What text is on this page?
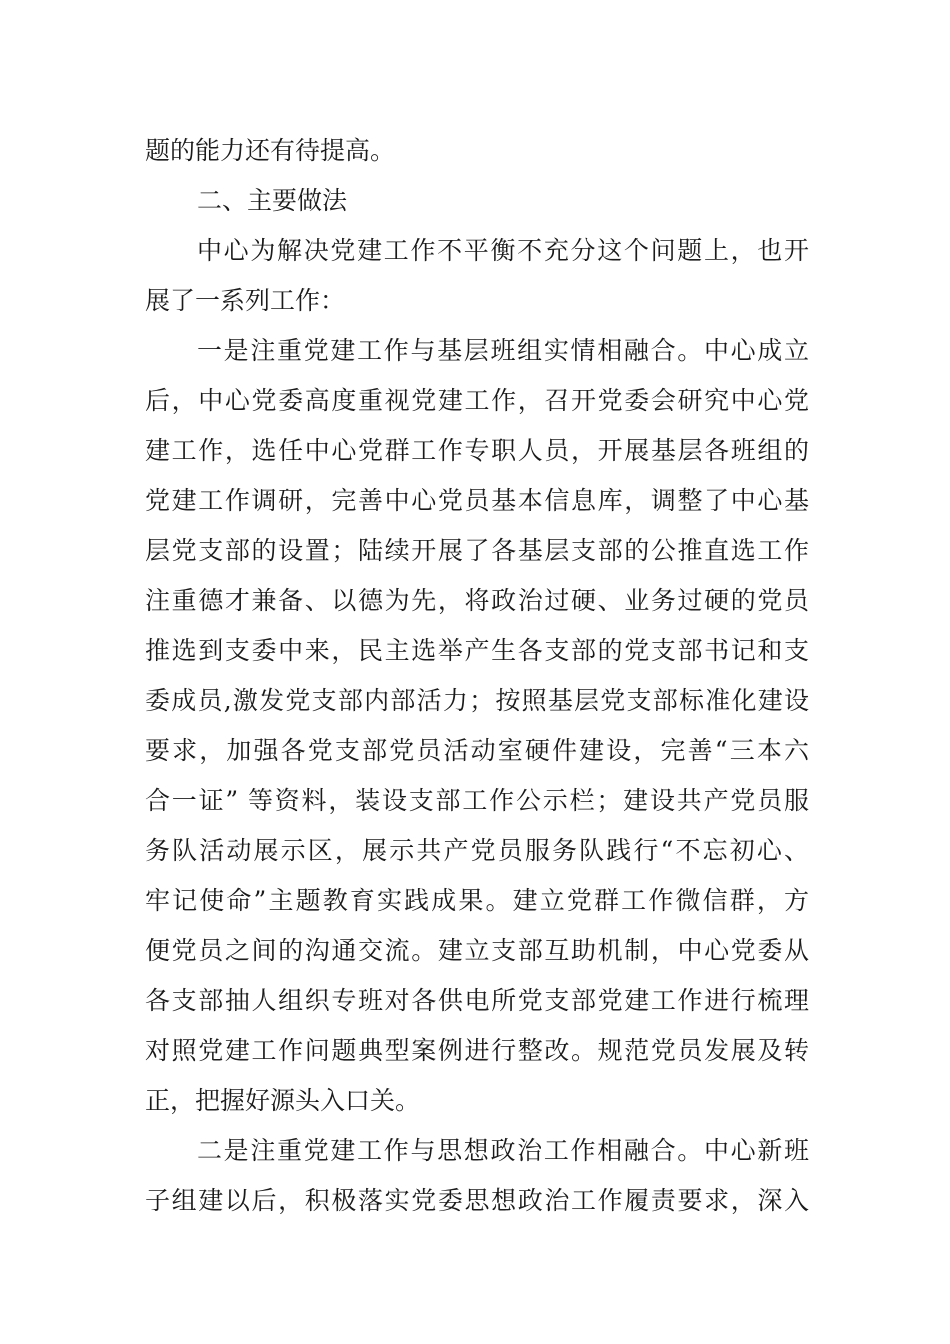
题的能力还有待提高。
二、主要做法
中心为解决党建工作不平衡不充分这个问题上，也开
展了一系列工作：
一是注重党建工作与基层班组实情相融合。中心成立
后，中心党委高度重视党建工作，召开党委会研究中心党
建工作，选任中心党群工作专职人员，开展基层各班组的
党建工作调研，完善中心党员基本信息库，调整了中心基
层党支部的设置；陆续开展了各基层支部的公推直选工作
注重德才兼备、以德为先，将政治过硬、业务过硬的党员
推选到支委中来，民主选举产生各支部的党支部书记和支
委成员,激发党支部内部活力；按照基层党支部标准化建设
要求，加强各党支部党员活动室硬件建设，完善“三本六
合一证” 等资料，装设支部工作公示栏；建设共产党员服
务队活动展示区，展示共产党员服务队践行“不忘初心、
牢记使命”主题教育实践成果。建立党群工作微信群，方
便党员之间的沟通交流。建立支部互助机制，中心党委从
各支部抽人组织专班对各供电所党支部党建工作进行梳理
对照党建工作问题典型案例进行整改。规范党员发展及转
正，把握好源头入口关。
二是注重党建工作与思想政治工作相融合。中心新班
子组建以后，积极落实党委思想政治工作履责要求，深入
